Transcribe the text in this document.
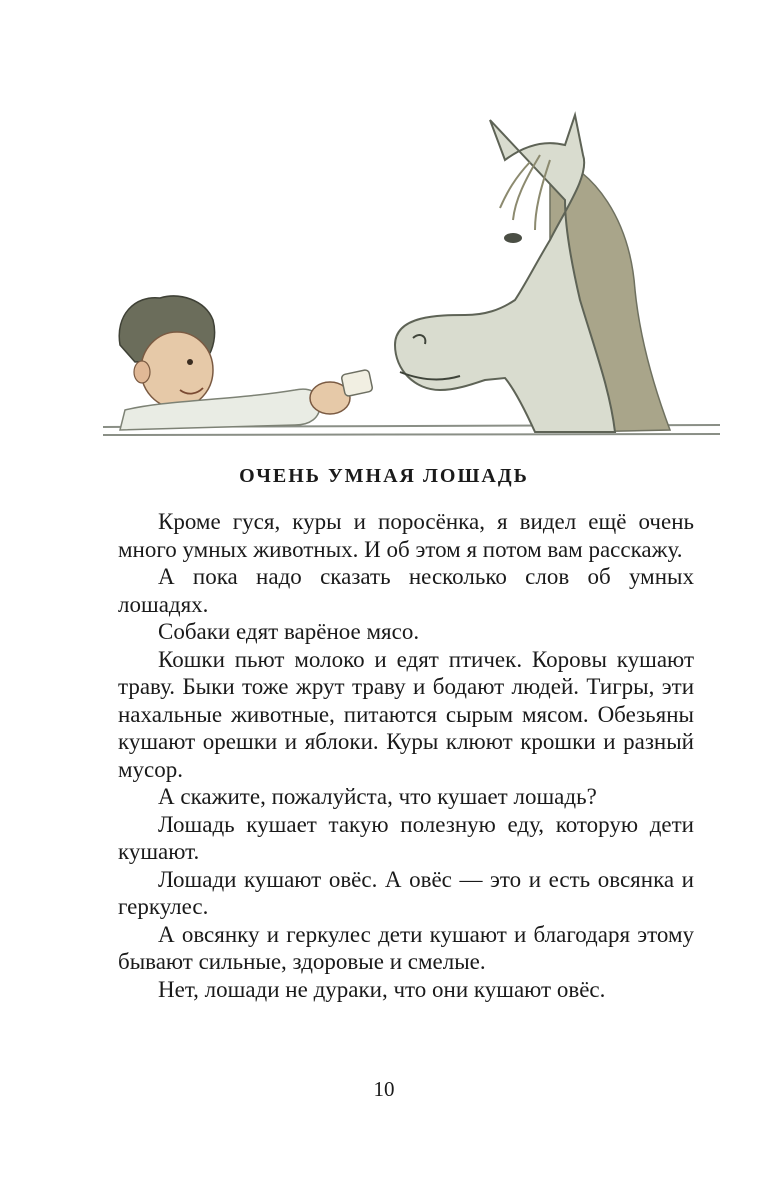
ОЧЕНЬ УМНАЯ ЛОШАДЬ

Кроме гуся, куры и поросёнка, я видел ещё очень много умных животных. И об этом я потом вам расскажу.

А пока надо сказать несколько слов об умных лошадях.

Собаки едят варёное мясо.

Кошки пьют молоко и едят птичек. Коровы кушают траву. Быки тоже жрут траву и бодают людей. Тигры, эти нахальные животные, питаются сырым мясом. Обезьяны кушают орешки и яблоки. Куры клюют крошки и разный мусор.

А скажите, пожалуйста, что кушает лошадь?

Лошадь кушает такую полезную еду, которую дети кушают.

Лошади кушают овёс. А овёс — это и есть овсянка и геркулес.

А овсянку и геркулес дети кушают и благодаря этому бывают сильные, здоровые и смелые.

Нет, лошади не дураки, что они кушают овёс.

10
